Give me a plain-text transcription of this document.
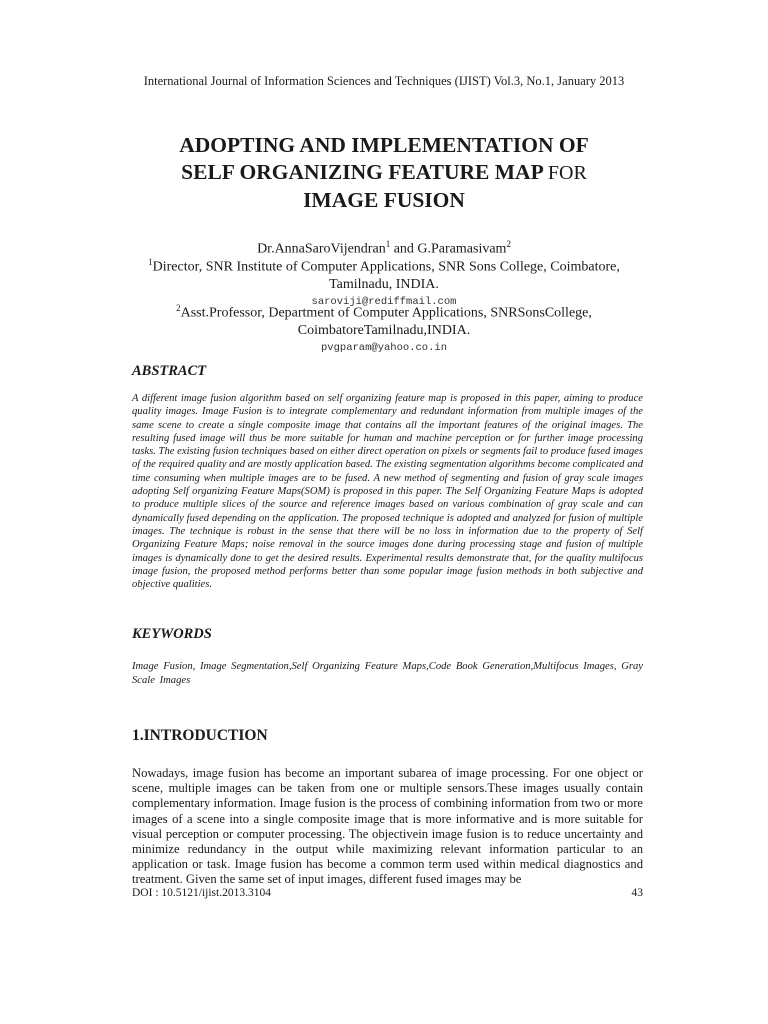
International Journal of Information Sciences and Techniques (IJIST) Vol.3, No.1, January 2013
ADOPTING AND IMPLEMENTATION OF
SELF ORGANIZING FEATURE MAP FOR
IMAGE FUSION
Dr.AnnaSaroVijendran$^1$ and G.Paramasivam$^2$
$^1$Director, SNR Institute of Computer Applications, SNR Sons College, Coimbatore,
Tamilnadu, INDIA.
saroviji@rediffmail.com
$^2$Asst.Professor, Department of Computer Applications, SNRSonsCollege,
CoimbatoreTamilnadu,INDIA.
pvgparam@yahoo.co.in
ABSTRACT
A different image fusion algorithm based on self organizing feature map is proposed in this paper, aiming to produce quality images. Image Fusion is to integrate complementary and redundant information from multiple images of the same scene to create a single composite image that contains all the important features of the original images. The resulting fused image will thus be more suitable for human and machine perception or for further image processing tasks. The existing fusion techniques based on either direct operation on pixels or segments fail to produce fused images of the required quality and are mostly application based. The existing segmentation algorithms become complicated and time consuming when multiple images are to be fused. A new method of segmenting and fusion of gray scale images adopting Self organizing Feature Maps(SOM) is proposed in this paper. The Self Organizing Feature Maps is adopted to produce multiple slices of the source and reference images based on various combination of gray scale and can dynamically fused depending on the application. The proposed technique is adopted and analyzed for fusion of multiple images. The technique is robust in the sense that there will be no loss in information due to the property of Self Organizing Feature Maps; noise removal in the source images done during processing stage and fusion of multiple images is dynamically done to get the desired results. Experimental results demonstrate that, for the quality multifocus image fusion, the proposed method performs better than some popular image fusion methods in both subjective and objective qualities.
KEYWORDS
Image Fusion, Image Segmentation,Self Organizing Feature Maps,Code Book Generation,Multifocus Images, Gray Scale Images
1.INTRODUCTION
Nowadays, image fusion has become an important subarea of image processing. For one object or scene, multiple images can be taken from one or multiple sensors.These images usually contain complementary information. Image fusion is the process of combining information from two or more images of a scene into a single composite image that is more informative and is more suitable for visual perception or computer processing. The objectivein image fusion is to reduce uncertainty and minimize redundancy in the output while maximizing relevant information particular to an application or task. Image fusion has become a common term used within medical diagnostics and treatment. Given the same set of input images, different fused images may be
DOI : 10.5121/ijist.2013.3104	43
